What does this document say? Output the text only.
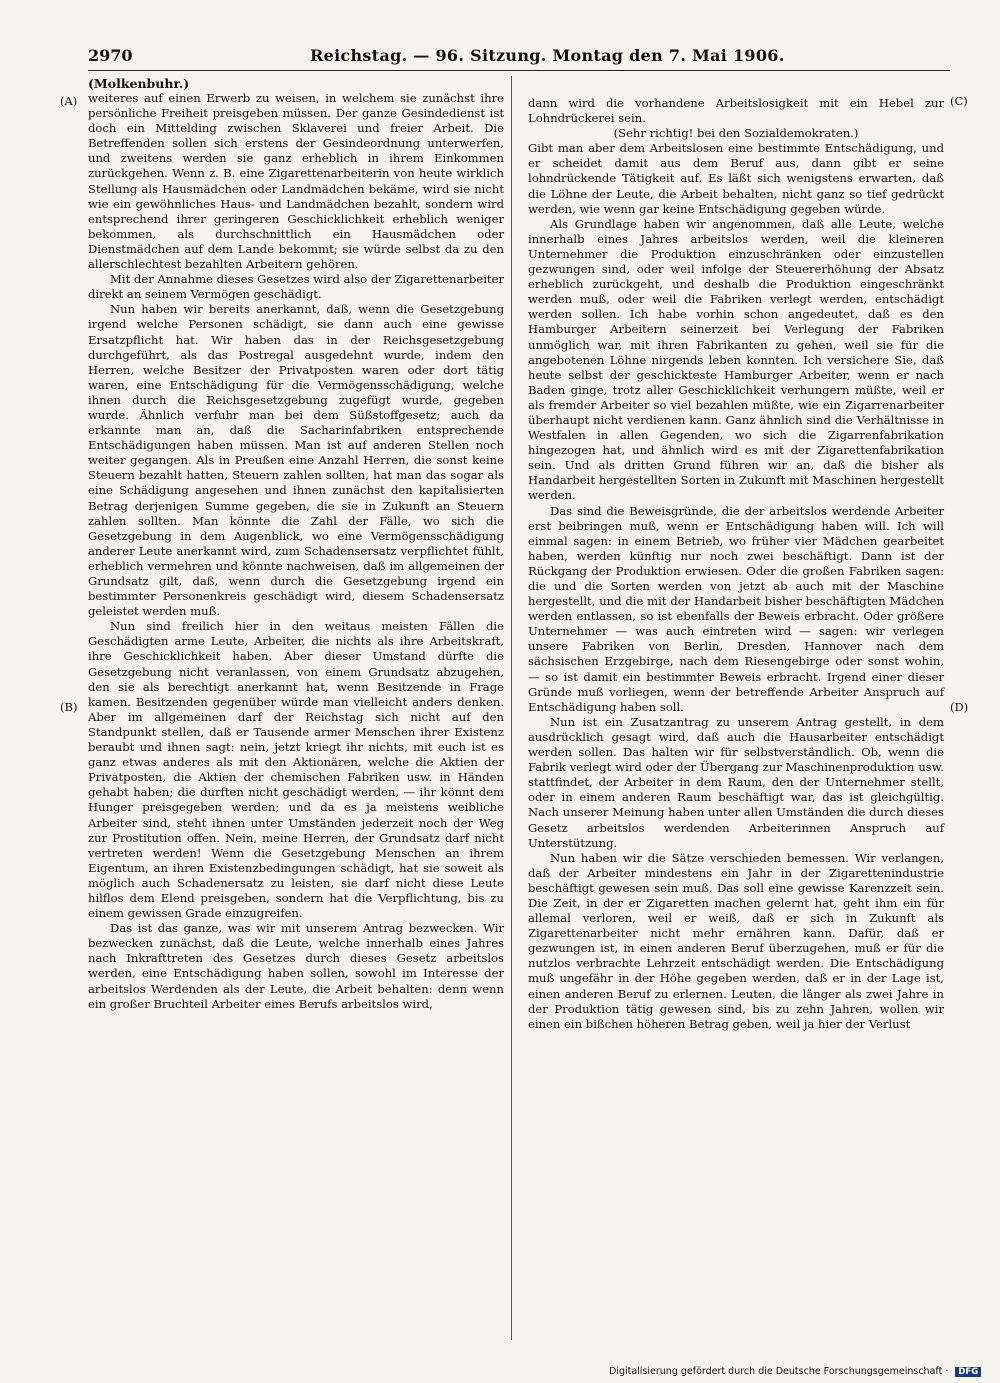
2970	Reichstag. — 96. Sitzung. Montag den 7. Mai 1906.
(A)
(B)
(C)
(D)

(Molkenbuhr.)

weiteres auf einen Erwerb zu weisen, in welchem sie zunächst ihre persönliche Freiheit preisgeben müssen. Der ganze Gesindedienst ist doch ein Mittelding zwischen Sklaverei und freier Arbeit. Die Betreffenden sollen sich erstens der Gesindeordnung unterwerfen, und zweitens werden sie ganz erheblich in ihrem Einkommen zurückgehen. Wenn z. B. eine Zigarettenarbeiterin von heute wirklich Stellung als Hausmädchen oder Landmädchen bekäme, wird sie nicht wie ein gewöhnliches Haus- und Landmädchen bezahlt, sondern wird entsprechend ihrer geringeren Geschicklichkeit erheblich weniger bekommen, als durchschnittlich ein Hausmädchen oder Dienstmädchen auf dem Lande bekommt; sie würde selbst da zu den allerschlechtest bezahlten Arbeitern gehören.

Mit der Annahme dieses Gesetzes wird also der Zigarettenarbeiter direkt an seinem Vermögen geschädigt.

Nun haben wir bereits anerkannt, daß, wenn die Gesetzgebung irgend welche Personen schädigt, sie dann auch eine gewisse Ersatzpflicht hat. Wir haben das in der Reichsgesetzgebung durchgeführt, als das Postregal ausgedehnt wurde, indem den Herren, welche Besitzer der Privatposten waren oder dort tätig waren, eine Entschädigung für die Vermögensschädigung, welche ihnen durch die Reichsgesetzgebung zugefügt wurde, gegeben wurde. Ähnlich verfuhr man bei dem Süßstoffgesetz; auch da erkannte man an, daß die Sacharinfabriken entsprechende Entschädigungen haben müssen. Man ist auf anderen Stellen noch weiter gegangen. Als in Preußen eine Anzahl Herren, die sonst keine Steuern bezahlt hatten, Steuern zahlen sollten, hat man das sogar als eine Schädigung angesehen und ihnen zunächst den kapitalisierten Betrag derjenigen Summe gegeben, die sie in Zukunft an Steuern zahlen sollten. Man könnte die Zahl der Fälle, wo sich die Gesetzgebung in dem Augenblick, wo eine Vermögensschädigung anderer Leute anerkannt wird, zum Schadensersatz verpflichtet fühlt, erheblich vermehren und könnte nachweisen, daß im allgemeinen der Grundsatz gilt, daß, wenn durch die Gesetzgebung irgend ein bestimmter Personenkreis geschädigt wird, diesem Schadensersatz geleistet werden muß.

Nun sind freilich hier in den weitaus meisten Fällen die Geschädigten arme Leute, Arbeiter, die nichts als ihre Arbeitskraft, ihre Geschicklichkeit haben. Aber dieser Umstand dürfte die Gesetzgebung nicht veranlassen, von einem Grundsatz abzugehen, den sie als berechtigt anerkannt hat, wenn Besitzende in Frage kamen. Besitzenden gegenüber würde man vielleicht anders denken. Aber im allgemeinen darf der Reichstag sich nicht auf den Standpunkt stellen, daß er Tausende armer Menschen ihrer Existenz beraubt und ihnen sagt: nein, jetzt kriegt ihr nichts, mit euch ist es ganz etwas anderes als mit den Aktionären, welche die Aktien der Privatposten, die Aktien der chemischen Fabriken usw. in Händen gehabt haben; die durften nicht geschädigt werden, — ihr könnt dem Hunger preisgegeben werden; und da es ja meistens weibliche Arbeiter sind, steht ihnen unter Umständen jederzeit noch der Weg zur Prostitution offen. Nein, meine Herren, der Grundsatz darf nicht vertreten werden! Wenn die Gesetzgebung Menschen an ihrem Eigentum, an ihren Existenzbedingungen schädigt, hat sie soweit als möglich auch Schadenersatz zu leisten, sie darf nicht diese Leute hilflos dem Elend preisgeben, sondern hat die Verpflichtung, bis zu einem gewissen Grade einzugreifen.

Das ist das ganze, was wir mit unserem Antrag bezwecken. Wir bezwecken zunächst, daß die Leute, welche innerhalb eines Jahres nach Inkrafttreten des Gesetzes durch dieses Gesetz arbeitslos werden, eine Entschädigung haben sollen, sowohl im Interesse der arbeitslos Werdenden als der Leute, die Arbeit behalten: denn wenn ein großer Bruchteil Arbeiter eines Berufs arbeitslos wird,

dann wird die vorhandene Arbeitslosigkeit mit ein Hebel zur Lohndrückerei sein.

(Sehr richtig! bei den Sozialdemokraten.)

Gibt man aber dem Arbeitslosen eine bestimmte Entschädigung, und er scheidet damit aus dem Beruf aus, dann gibt er seine lohndrückende Tätigkeit auf. Es läßt sich wenigstens erwarten, daß die Löhne der Leute, die Arbeit behalten, nicht ganz so tief gedrückt werden, wie wenn gar keine Entschädigung gegeben würde.

Als Grundlage haben wir angenommen, daß alle Leute, welche innerhalb eines Jahres arbeitslos werden, weil die kleineren Unternehmer die Produktion einzuschränken oder einzustellen gezwungen sind, oder weil infolge der Steuererhöhung der Absatz erheblich zurückgeht, und deshalb die Produktion eingeschränkt werden muß, oder weil die Fabriken verlegt werden, entschädigt werden sollen. Ich habe vorhin schon angedeutet, daß es den Hamburger Arbeitern seinerzeit bei Verlegung der Fabriken unmöglich war, mit ihren Fabrikanten zu gehen, weil sie für die angebotenen Löhne nirgends leben konnten. Ich versichere Sie, daß heute selbst der geschickteste Hamburger Arbeiter, wenn er nach Baden ginge, trotz aller Geschicklichkeit verhungern müßte, weil er als fremder Arbeiter so viel bezahlen müßte, wie ein Zigarrenarbeiter überhaupt nicht verdienen kann. Ganz ähnlich sind die Verhältnisse in Westfalen in allen Gegenden, wo sich die Zigarrenfabrikation hingezogen hat, und ähnlich wird es mit der Zigarettenfabrikation sein. Und als dritten Grund führen wir an, daß die bisher als Handarbeit hergestellten Sorten in Zukunft mit Maschinen hergestellt werden.

Das sind die Beweisgründe, die der arbeitslos werdende Arbeiter erst beibringen muß, wenn er Entschädigung haben will. Ich will einmal sagen: in einem Betrieb, wo früher vier Mädchen gearbeitet haben, werden künftig nur noch zwei beschäftigt. Dann ist der Rückgang der Produktion erwiesen. Oder die großen Fabriken sagen: die und die Sorten werden von jetzt ab auch mit der Maschine hergestellt, und die mit der Handarbeit bisher beschäftigten Mädchen werden entlassen, so ist ebenfalls der Beweis erbracht. Oder größere Unternehmer — was auch eintreten wird — sagen: wir verlegen unsere Fabriken von Berlin, Dresden, Hannover nach dem sächsischen Erzgebirge, nach dem Riesengebirge oder sonst wohin, — so ist damit ein bestimmter Beweis erbracht. Irgend einer dieser Gründe muß vorliegen, wenn der betreffende Arbeiter Anspruch auf Entschädigung haben soll.

Nun ist ein Zusatzantrag zu unserem Antrag gestellt, in dem ausdrücklich gesagt wird, daß auch die Hausarbeiter entschädigt werden sollen. Das halten wir für selbstverständlich. Ob, wenn die Fabrik verlegt wird oder der Übergang zur Maschinenproduktion usw. stattfindet, der Arbeiter in dem Raum, den der Unternehmer stellt, oder in einem anderen Raum beschäftigt war, das ist gleichgültig. Nach unserer Meinung haben unter allen Umständen die durch dieses Gesetz arbeitslos werdenden Arbeiterinnen Anspruch auf Unterstützung.

Nun haben wir die Sätze verschieden bemessen. Wir verlangen, daß der Arbeiter mindestens ein Jahr in der Zigarettenindustrie beschäftigt gewesen sein muß. Das soll eine gewisse Karenzzeit sein. Die Zeit, in der er Zigaretten machen gelernt hat, geht ihm ein für allemal verloren, weil er weiß, daß er sich in Zukunft als Zigarettenarbeiter nicht mehr ernähren kann. Dafür, daß er gezwungen ist, in einen anderen Beruf überzugehen, muß er für die nutzlos verbrachte Lehrzeit entschädigt werden. Die Entschädigung muß ungefähr in der Höhe gegeben werden, daß er in der Lage ist, einen anderen Beruf zu erlernen. Leuten, die länger als zwei Jahre in der Produktion tätig gewesen sind, bis zu zehn Jahren, wollen wir einen ein bißchen höheren Betrag geben, weil ja hier der Verlust

Digitalisierung gefördert durch die Deutsche Forschungsgemeinschaft · DFG
